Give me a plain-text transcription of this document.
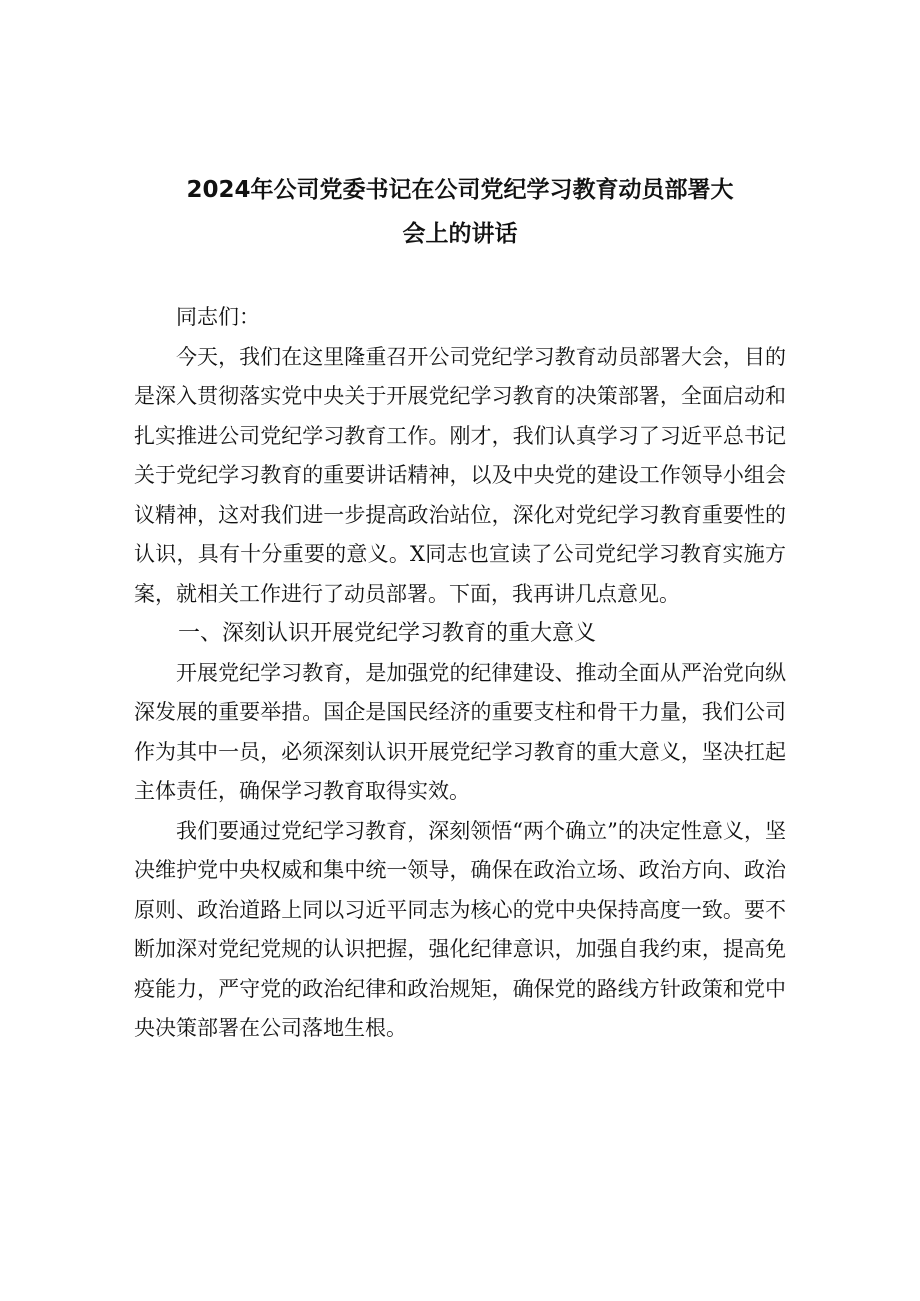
2024年公司党委书记在公司党纪学习教育动员部署大
会上的讲话

同志们：

今天，我们在这里隆重召开公司党纪学习教育动员部署大会，目的是深入贯彻落实党中央关于开展党纪学习教育的决策部署，全面启动和扎实推进公司党纪学习教育工作。刚才，我们认真学习了习近平总书记关于党纪学习教育的重要讲话精神，以及中央党的建设工作领导小组会议精神，这对我们进一步提高政治站位，深化对党纪学习教育重要性的认识，具有十分重要的意义。X同志也宣读了公司党纪学习教育实施方案，就相关工作进行了动员部署。下面，我再讲几点意见。

一、深刻认识开展党纪学习教育的重大意义

开展党纪学习教育，是加强党的纪律建设、推动全面从严治党向纵深发展的重要举措。国企是国民经济的重要支柱和骨干力量，我们公司作为其中一员，必须深刻认识开展党纪学习教育的重大意义，坚决扛起主体责任，确保学习教育取得实效。

我们要通过党纪学习教育，深刻领悟“两个确立”的决定性意义，坚决维护党中央权威和集中统一领导，确保在政治立场、政治方向、政治原则、政治道路上同以习近平同志为核心的党中央保持高度一致。要不断加深对党纪党规的认识把握，强化纪律意识，加强自我约束，提高免疫能力，严守党的政治纪律和政治规矩，确保党的路线方针政策和党中央决策部署在公司落地生根。
